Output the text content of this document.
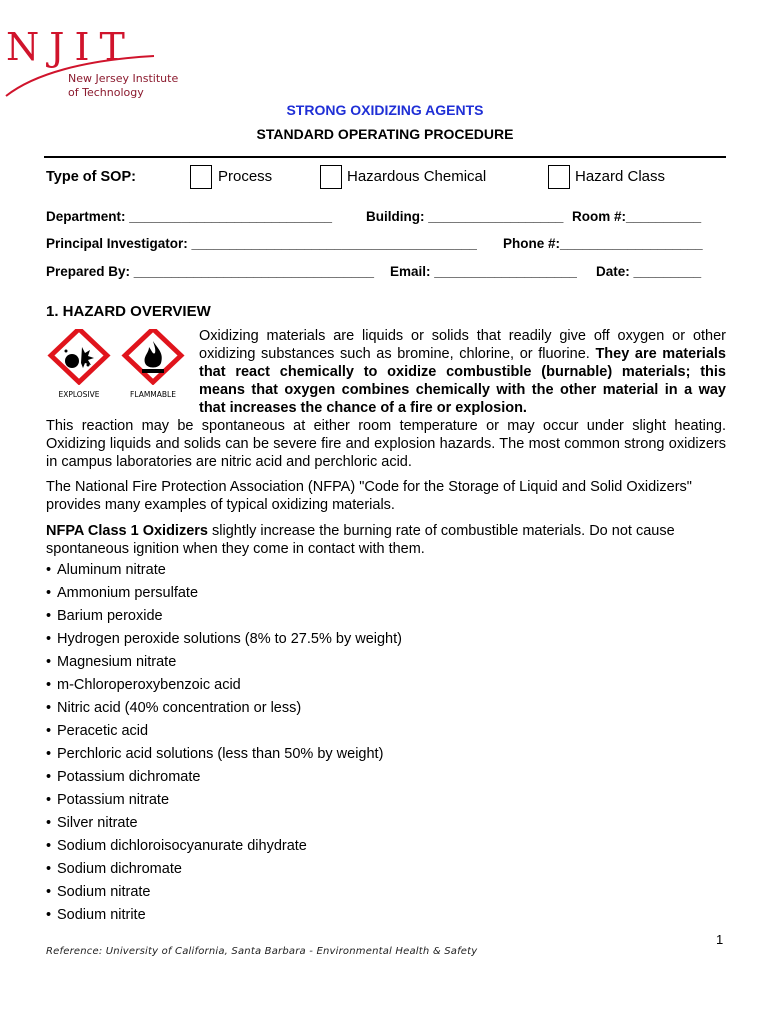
NJIT
New Jersey Institute
of Technology
STRONG OXIDIZING AGENTS
STANDARD OPERATING PROCEDURE
Type of SOP:	Process	Hazardous Chemical	Hazard Class
Department: ___________________________	Building: __________________ Room #:__________
Principal Investigator: ______________________________________ Phone #:___________________
Prepared By: ________________________________ Email: ___________________ Date: _________
1. HAZARD OVERVIEW
EXPLOSIVE	FLAMMABLE
Oxidizing materials are liquids or solids that readily give off oxygen or other oxidizing substances such as bromine, chlorine, or fluorine. They are materials that react chemically to oxidize combustible (burnable) materials; this means that oxygen combines chemically with the other material in a way that increases the chance of a fire or explosion.
This reaction may be spontaneous at either room temperature or may occur under slight heating. Oxidizing liquids and solids can be severe fire and explosion hazards. The most common strong oxidizers in campus laboratories are nitric acid and perchloric acid.
The National Fire Protection Association (NFPA) "Code for the Storage of Liquid and Solid Oxidizers" provides many examples of typical oxidizing materials.
NFPA Class 1 Oxidizers slightly increase the burning rate of combustible materials. Do not cause spontaneous ignition when they come in contact with them.
• Aluminum nitrate
• Ammonium persulfate
• Barium peroxide
• Hydrogen peroxide solutions (8% to 27.5% by weight)
• Magnesium nitrate
• m-Chloroperoxybenzoic acid
• Nitric acid (40% concentration or less)
• Peracetic acid
• Perchloric acid solutions (less than 50% by weight)
• Potassium dichromate
• Potassium nitrate
• Silver nitrate
• Sodium dichloroisocyanurate dihydrate
• Sodium dichromate
• Sodium nitrate
• Sodium nitrite
1
Reference: University of California, Santa Barbara - Environmental Health & Safety
